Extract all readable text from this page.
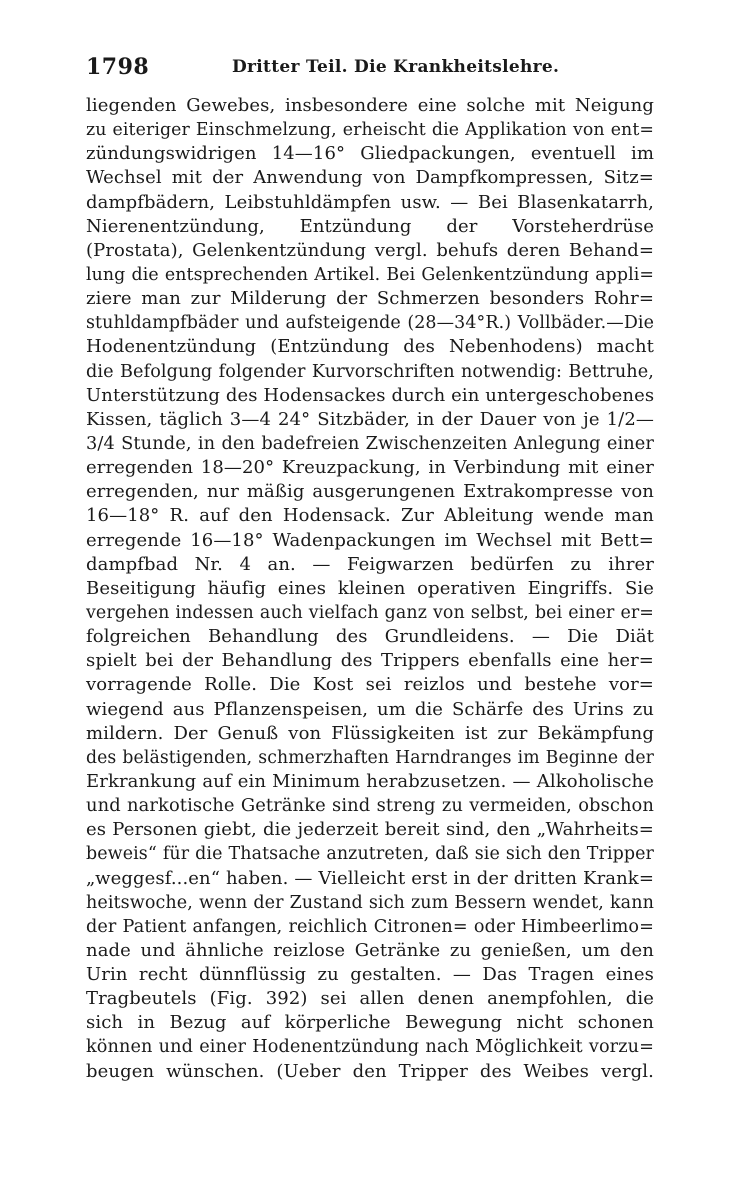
1798	Dritter Teil. Die Krankheitslehre.
liegenden Gewebes, insbesondere eine solche mit Neigung
zu eiteriger Einschmelzung, erheischt die Applikation von ent=
zündungswidrigen 14—16° Gliedpackungen, eventuell im
Wechsel mit der Anwendung von Dampfkompressen, Sitz=
dampfbädern, Leibstuhldämpfen usw. — Bei Blasenkatarrh,
Nierenentzündung, Entzündung der Vorsteherdrüse
(Prostata), Gelenkentzündung vergl. behufs deren Behand=
lung die entsprechenden Artikel. Bei Gelenkentzündung appli=
ziere man zur Milderung der Schmerzen besonders Rohr=
stuhldampfbäder und aufsteigende (28—34°R.) Vollbäder.—Die
Hodenentzündung (Entzündung des Nebenhodens) macht
die Befolgung folgender Kurvorschriften notwendig: Bettruhe,
Unterstützung des Hodensackes durch ein untergeschobenes
Kissen, täglich 3—4 24° Sitzbäder, in der Dauer von je 1/2—
3/4 Stunde, in den badefreien Zwischenzeiten Anlegung einer
erregenden 18—20° Kreuzpackung, in Verbindung mit einer
erregenden, nur mäßig ausgerungenen Extrakompresse von
16—18° R. auf den Hodensack. Zur Ableitung wende man
erregende 16—18° Wadenpackungen im Wechsel mit Bett=
dampfbad Nr. 4 an. — Feigwarzen bedürfen zu ihrer
Beseitigung häufig eines kleinen operativen Eingriffs. Sie
vergehen indessen auch vielfach ganz von selbst, bei einer er=
folgreichen Behandlung des Grundleidens. — Die Diät
spielt bei der Behandlung des Trippers ebenfalls eine her=
vorragende Rolle. Die Kost sei reizlos und bestehe vor=
wiegend aus Pflanzenspeisen, um die Schärfe des Urins zu
mildern. Der Genuß von Flüssigkeiten ist zur Bekämpfung
des belästigenden, schmerzhaften Harndranges im Beginne der
Erkrankung auf ein Minimum herabzusetzen. — Alkoholische
und narkotische Getränke sind streng zu vermeiden, obschon
es Personen giebt, die jederzeit bereit sind, den „Wahrheits=
beweis“ für die Thatsache anzutreten, daß sie sich den Tripper
„weggesf...en“ haben. — Vielleicht erst in der dritten Krank=
heitswoche, wenn der Zustand sich zum Bessern wendet, kann
der Patient anfangen, reichlich Citronen= oder Himbeerlimo=
nade und ähnliche reizlose Getränke zu genießen, um den
Urin recht dünnflüssig zu gestalten. — Das Tragen eines
Tragbeutels (Fig. 392) sei allen denen anempfohlen, die
sich in Bezug auf körperliche Bewegung nicht schonen
können und einer Hodenentzündung nach Möglichkeit vorzu=
beugen wünschen. (Ueber den Tripper des Weibes vergl.
